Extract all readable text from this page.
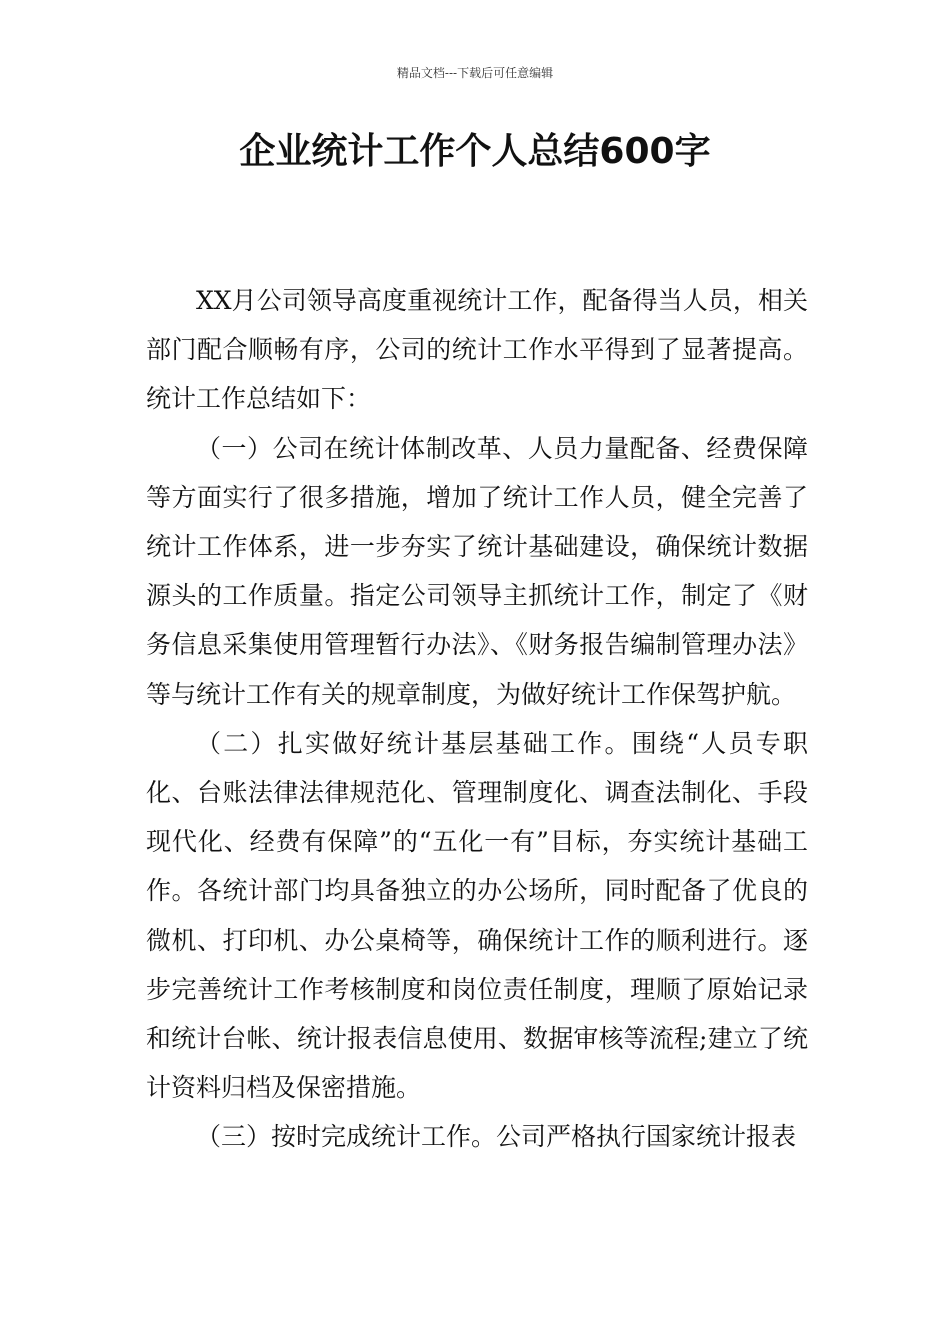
精品文档---下载后可任意编辑
企业统计工作个人总结600字

XX月公司领导高度重视统计工作，配备得当人员，相关部门配合顺畅有序，公司的统计工作水平得到了显著提高。统计工作总结如下：

（一）公司在统计体制改革、人员力量配备、经费保障等方面实行了很多措施，增加了统计工作人员，健全完善了统计工作体系，进一步夯实了统计基础建设，确保统计数据源头的工作质量。指定公司领导主抓统计工作，制定了《财务信息采集使用管理暂行办法》、《财务报告编制管理办法》等与统计工作有关的规章制度，为做好统计工作保驾护航。

（二）扎实做好统计基层基础工作。围绕“人员专职化、台账法律法律规范化、管理制度化、调查法制化、手段现代化、经费有保障”的“五化一有”目标，夯实统计基础工作。各统计部门均具备独立的办公场所，同时配备了优良的微机、打印机、办公桌椅等，确保统计工作的顺利进行。逐步完善统计工作考核制度和岗位责任制度，理顺了原始记录和统计台帐、统计报表信息使用、数据审核等流程;建立了统计资料归档及保密措施。

（三）按时完成统计工作。公司严格执行国家统计报表
